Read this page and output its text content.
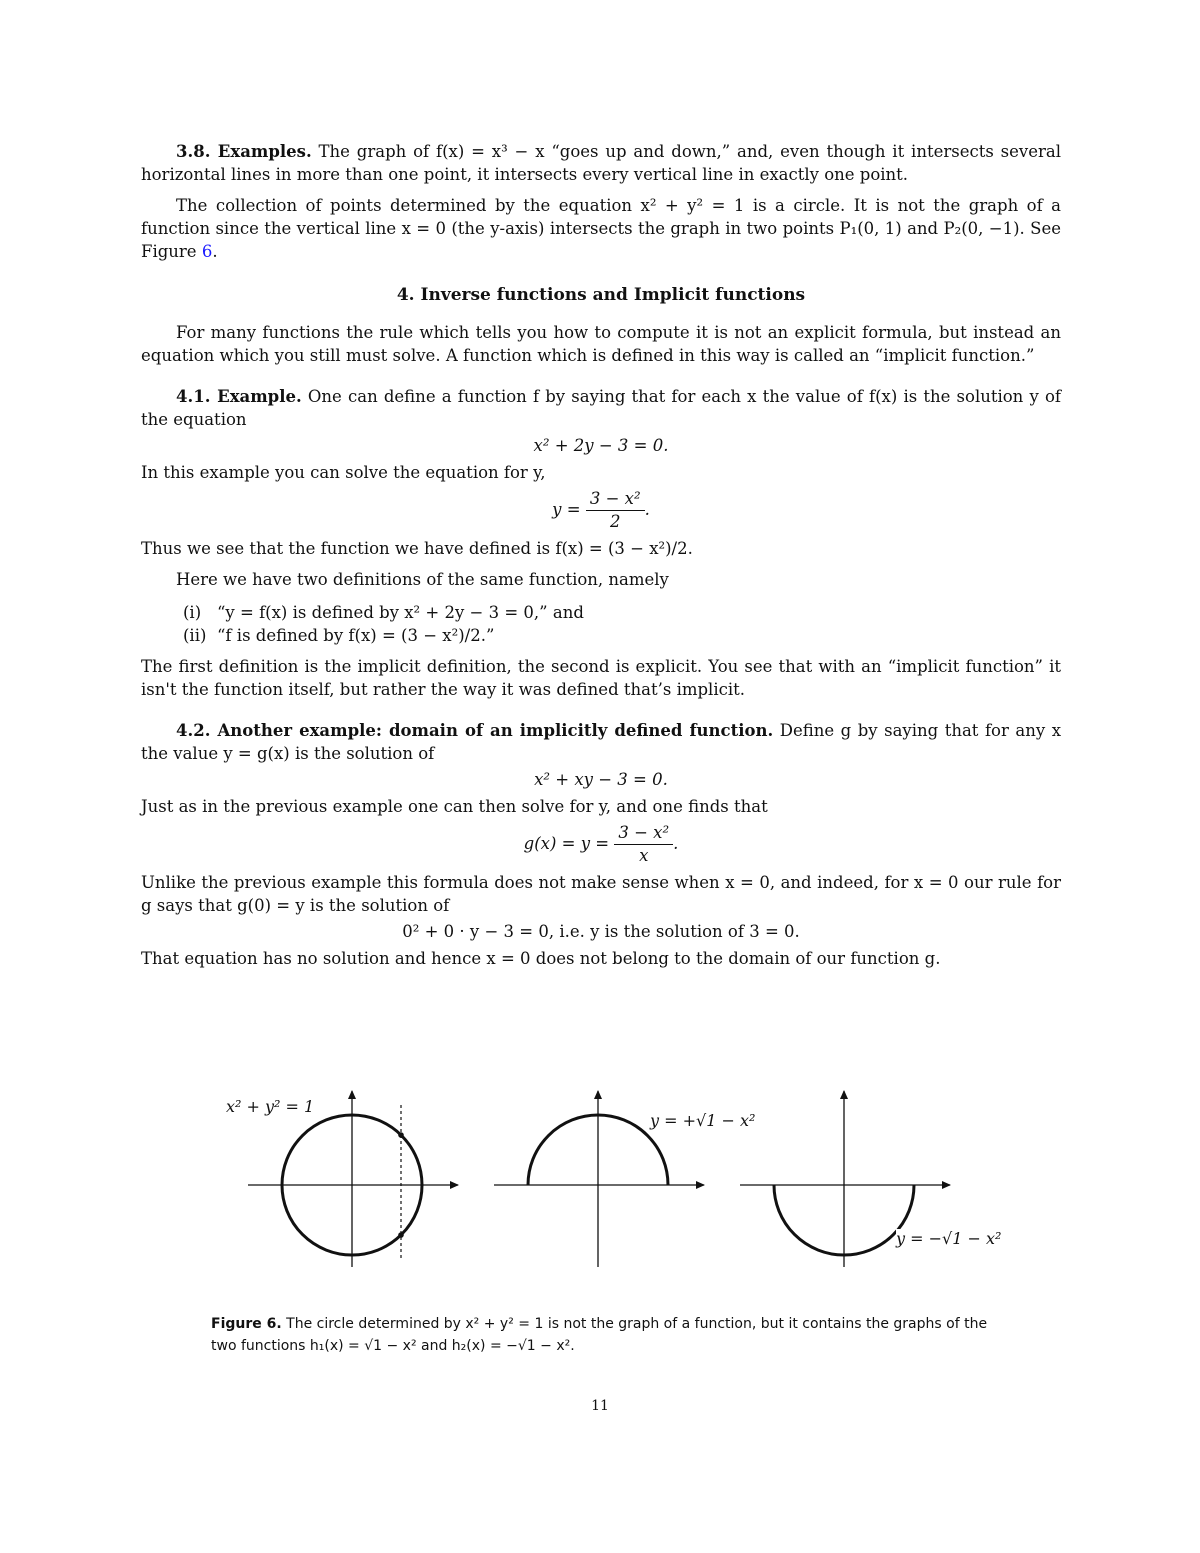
3.8. Examples. The graph of f(x) = x³ − x “goes up and down,” and, even though it intersects several horizontal lines in more than one point, it intersects every vertical line in exactly one point.

The collection of points determined by the equation x² + y² = 1 is a circle. It is not the graph of a function since the vertical line x = 0 (the y-axis) intersects the graph in two points P₁(0, 1) and P₂(0, −1). See Figure 6.

4. Inverse functions and Implicit functions

For many functions the rule which tells you how to compute it is not an explicit formula, but instead an equation which you still must solve. A function which is defined in this way is called an “implicit function.”

4.1. Example. One can define a function f by saying that for each x the value of f(x) is the solution y of the equation

x² + 2y − 3 = 0.

In this example you can solve the equation for y,

$y = \frac{\text{3 − x²}}{2}$ .

Thus we see that the function we have defined is f(x) = (3 − x²)/2.

Here we have two definitions of the same function, namely

(i) “y = f(x) is defined by x² + 2y − 3 = 0,” and
(ii) “f is defined by f(x) = (3 − x²)/2.”

The first definition is the implicit definition, the second is explicit. You see that with an “implicit function” it isn't the function itself, but rather the way it was defined that’s implicit.

4.2. Another example: domain of an implicitly defined function. Define g by saying that for any x the value y = g(x) is the solution of

x² + xy − 3 = 0.

Just as in the previous example one can then solve for y, and one finds that

$g(x) = y = \frac{\text{3 − x²}}{x}$ .

Unlike the previous example this formula does not make sense when x = 0, and indeed, for x = 0 our rule for g says that g(0) = y is the solution of

0² + 0 · y − 3 = 0, i.e. y is the solution of 3 = 0.

That equation has no solution and hence x = 0 does not belong to the domain of our function g.

x² + y² = 1
y = +√1 − x²
y = −√1 − x²
Figure 6. The circle determined by x² + y² = 1 is not the graph of a function, but it contains the graphs of the two functions h₁(x) = √1 − x² and h₂(x) = −√1 − x².
11
